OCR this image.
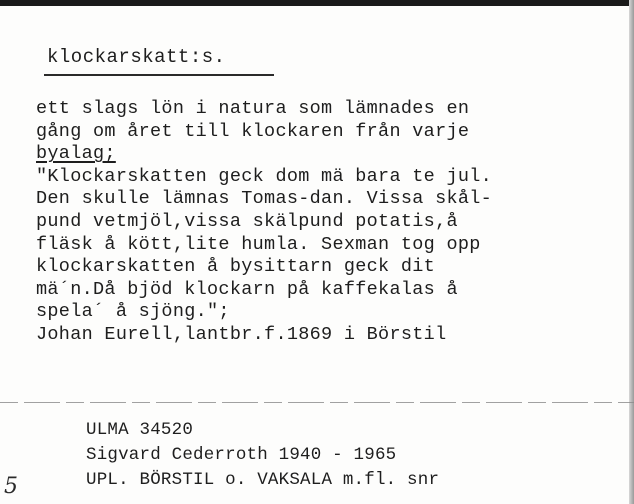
klockarskatt:s.
ett slags lön i natura som lämnades en
gång om året till klockaren från varje
byalag;
"Klockarskatten geck dom mä bara te jul.
Den skulle lämnas Tomas-dan. Vissa skål-
pund vetmjöl,vissa skälpund potatis,å
fläsk å kött,lite humla. Sexman tog opp
klockarskatten å bysittarn geck dit
mä´n.Då bjöd klockarn på kaffekalas å
spela´ å sjöng.";
Johan Eurell,lantbr.f.1869 i Börstil
ULMA 34520
Sigvard Cederroth 1940 - 1965
UPL. BÖRSTIL o. VAKSALA m.fl. snr
5
